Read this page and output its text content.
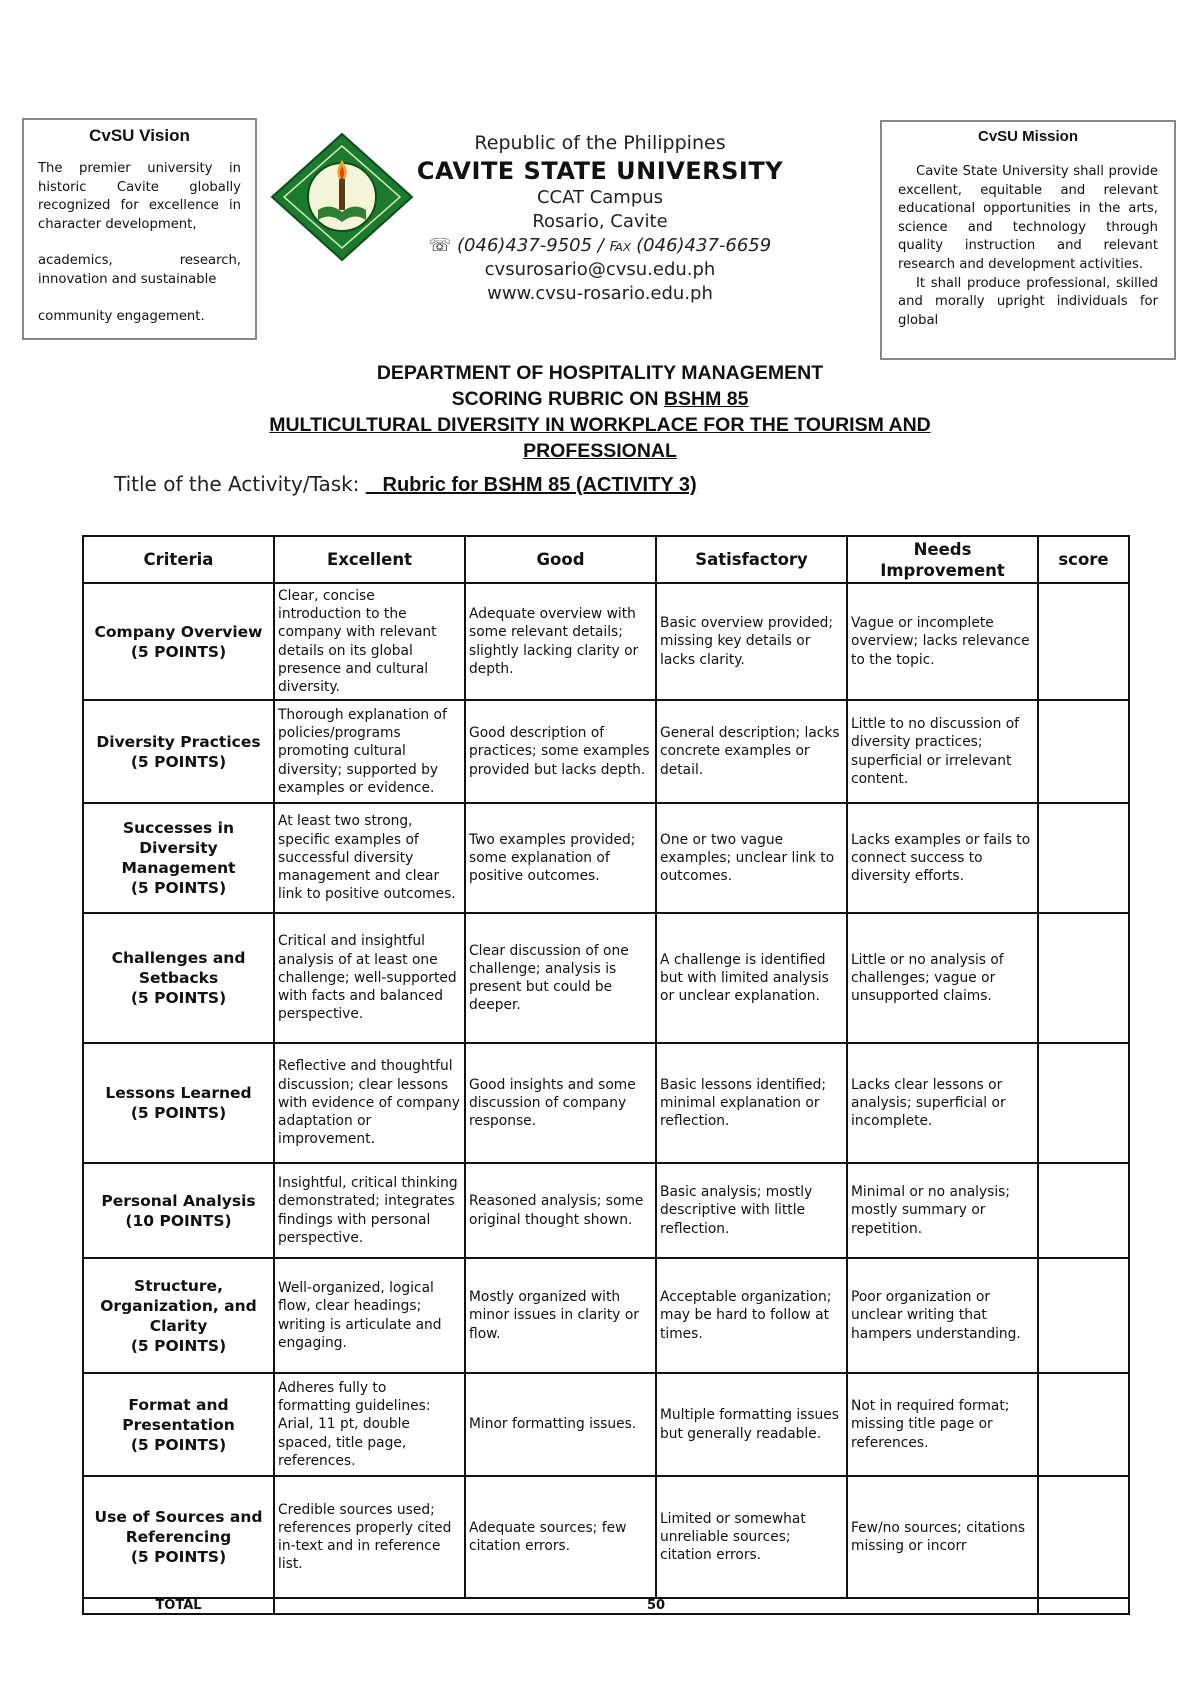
CvSU Vision

The premier university in historic Cavite globally recognized for excellence in character development,

academics, research, innovation and sustainable

community engagement.

Republic of the Philippines
CAVITE STATE UNIVERSITY
CCAT Campus
Rosario, Cavite
☏ (046)437-9505 / ℻ (046)437-6659
cvsurosario@cvsu.edu.ph
www.cvsu-rosario.edu.ph
CvSU Mission

Cavite State University shall provide excellent, equitable and relevant educational opportunities in the arts, science and technology through quality instruction and relevant research and development activities.

It shall produce professional, skilled and morally upright individuals for global

DEPARTMENT OF HOSPITALITY MANAGEMENT
SCORING RUBRIC ON BSHM 85
MULTICULTURAL DIVERSITY IN WORKPLACE FOR THE TOURISM AND PROFESSIONAL
Title of the Activity/Task: _ Rubric for BSHM 85 (ACTIVITY 3)
Criteria	Excellent	Good	Satisfactory	Needs Improvement	score

Company Overview
(5 POINTS)	Clear, concise introduction to the company with relevant details on its global presence and cultural diversity.	Adequate overview with some relevant details; slightly lacking clarity or depth.	Basic overview provided; missing key details or lacks clarity.	Vague or incomplete overview; lacks relevance to the topic.	

Diversity Practices
(5 POINTS)	Thorough explanation of policies/programs promoting cultural diversity; supported by examples or evidence.	Good description of practices; some examples provided but lacks depth.	General description; lacks concrete examples or detail.	Little to no discussion of diversity practices; superficial or irrelevant content.	

Successes in Diversity Management
(5 POINTS)	At least two strong, specific examples of successful diversity management and clear link to positive outcomes.	Two examples provided; some explanation of positive outcomes.	One or two vague examples; unclear link to outcomes.	Lacks examples or fails to connect success to diversity efforts.	

Challenges and Setbacks
(5 POINTS)	Critical and insightful analysis of at least one challenge; well-supported with facts and balanced perspective.	Clear discussion of one challenge; analysis is present but could be deeper.	A challenge is identified but with limited analysis or unclear explanation.	Little or no analysis of challenges; vague or unsupported claims.	

Lessons Learned
(5 POINTS)	Reflective and thoughtful discussion; clear lessons with evidence of company adaptation or improvement.	Good insights and some discussion of company response.	Basic lessons identified; minimal explanation or reflection.	Lacks clear lessons or analysis; superficial or incomplete.	

Personal Analysis
(10 POINTS)	Insightful, critical thinking demonstrated; integrates findings with personal perspective.	Reasoned analysis; some original thought shown.	Basic analysis; mostly descriptive with little reflection.	Minimal or no analysis; mostly summary or repetition.	

Structure, Organization, and Clarity
(5 POINTS)	Well-organized, logical flow, clear headings; writing is articulate and engaging.	Mostly organized with minor issues in clarity or flow.	Acceptable organization; may be hard to follow at times.	Poor organization or unclear writing that hampers understanding.	

Format and Presentation
(5 POINTS)	Adheres fully to formatting guidelines: Arial, 11 pt, double spaced, title page, references.	Minor formatting issues.	Multiple formatting issues but generally readable.	Not in required format; missing title page or references.	

Use of Sources and Referencing
(5 POINTS)	Credible sources used; references properly cited in-text and in reference list.	Adequate sources; few citation errors.	Limited or somewhat unreliable sources; citation errors.	Few/no sources; citations missing or incorr	
TOTAL	50				
